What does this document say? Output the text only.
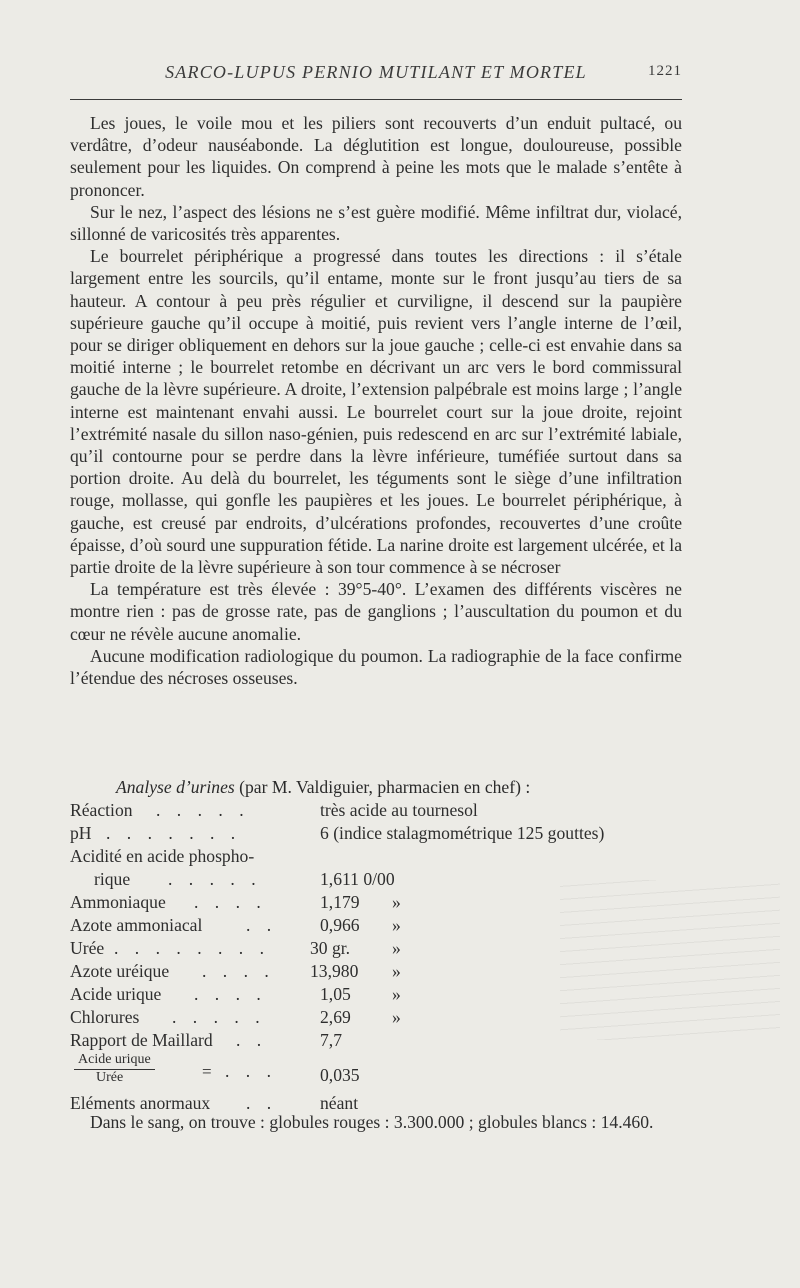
SARCO-LUPUS PERNIO MUTILANT ET MORTEL	1221

Les joues, le voile mou et les piliers sont recouverts d’un enduit pultacé, ou verdâtre, d’odeur nauséabonde. La déglutition est longue, douloureuse, possible seulement pour les liquides. On comprend à peine les mots que le malade s’entête à prononcer.

Sur le nez, l’aspect des lésions ne s’est guère modifié. Même infiltrat dur, violacé, sillonné de varicosités très apparentes.

Le bourrelet périphérique a progressé dans toutes les directions : il s’étale largement entre les sourcils, qu’il entame, monte sur le front jusqu’au tiers de sa hauteur. A contour à peu près régulier et curviligne, il descend sur la paupière supérieure gauche qu’il occupe à moitié, puis revient vers l’angle interne de l’œil, pour se diriger obliquement en dehors sur la joue gauche ; celle-ci est envahie dans sa moitié interne ; le bourrelet retombe en décrivant un arc vers le bord commissural gauche de la lèvre supérieure. A droite, l’extension palpébrale est moins large ; l’angle interne est maintenant envahi aussi. Le bourrelet court sur la joue droite, rejoint l’extrémité nasale du sillon naso-génien, puis redescend en arc sur l’extrémité labiale, qu’il contourne pour se perdre dans la lèvre inférieure, tuméfiée surtout dans sa portion droite. Au delà du bourrelet, les téguments sont le siège d’une infiltration rouge, mollasse, qui gonfle les paupières et les joues. Le bourrelet périphérique, à gauche, est creusé par endroits, d’ulcérations profondes, recouvertes d’une croûte épaisse, d’où sourd une suppuration fétide. La narine droite est largement ulcérée, et la partie droite de la lèvre supérieure à son tour commence à se nécroser

La température est très élevée : 39°5-40°. L’examen des différents viscères ne montre rien : pas de grosse rate, pas de ganglions ; l’auscultation du poumon et du cœur ne révèle aucune anomalie.

Aucune modification radiologique du poumon. La radiographie de la face confirme l’étendue des nécroses osseuses.

Analyse d’urines (par M. Valdiguier, pharmacien en chef) :
Réaction . . . . .	très acide au tournesol
pH . . . . . . .	6 (indice stalagmométrique 125 gouttes)
Acidité en acide phospho-
rique . . . . .	1,611 0/00
Ammoniaque . . . .	1,179 »
Azote ammoniacal . . 0,966 »
Urée . . . . . . . . 30 gr. »
Azote uréique . . . . 13,980 »
Acide urique . . . .	1,05 »
Chlorures . . . . .	2,69 »
Rapport de Maillard . .	7,7
Acide urique
Urée	= . . . 0,035
Eléments anormaux . . néant
Dans le sang, on trouve : globules rouges : 3.300.000 ; globules blancs : 14.460.
